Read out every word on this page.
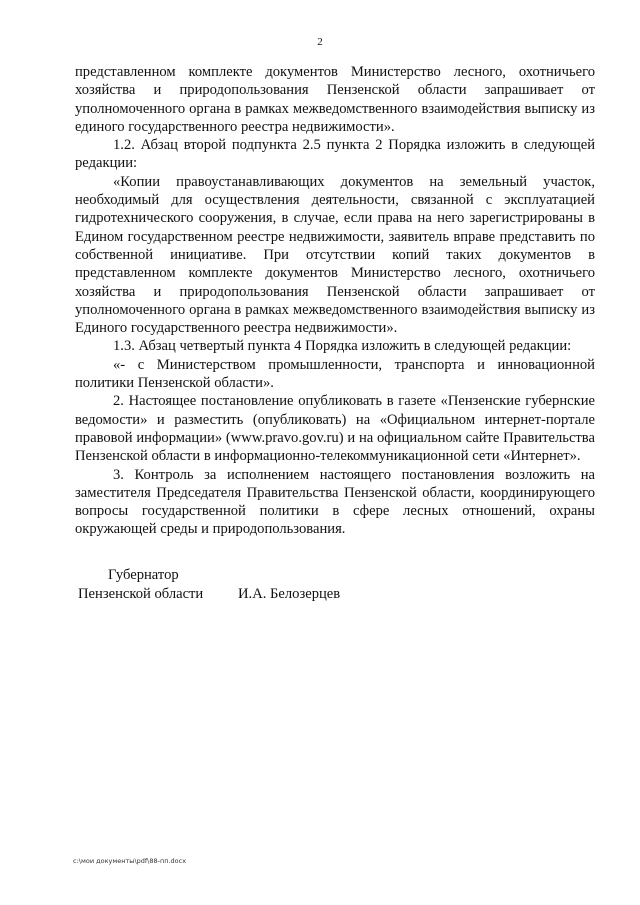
2

представленном комплекте документов Министерство лесного, охотничьего хозяйства и природопользования Пензенской области запрашивает от уполномоченного органа в рамках межведомственного взаимодействия выписку из единого государственного реестра недвижимости».

1.2. Абзац второй подпункта 2.5 пункта 2 Порядка изложить в следующей редакции:

«Копии правоустанавливающих документов на земельный участок, необходимый для осуществления деятельности, связанной с эксплуатацией гидротехнического сооружения, в случае, если права на него зарегистрированы в Едином государственном реестре недвижимости, заявитель вправе представить по собственной инициативе. При отсутствии копий таких документов в представленном комплекте документов Министерство лесного, охотничьего хозяйства и природопользования Пензенской области запрашивает от уполномоченного органа в рамках межведомственного взаимодействия выписку из Единого государственного реестра недвижимости».

1.3. Абзац четвертый пункта 4 Порядка изложить в следующей редакции:

«- с Министерством промышленности, транспорта и инновационной политики Пензенской области».

2. Настоящее постановление опубликовать в газете «Пензенские губернские ведомости» и разместить (опубликовать) на «Официальном интернет-портале правовой информации» (www.pravo.gov.ru) и на официальном сайте Правительства Пензенской области в информационно-телекоммуникационной сети «Интернет».

3. Контроль за исполнением настоящего постановления возложить на заместителя Председателя Правительства Пензенской области, координирующего вопросы государственной политики в сфере лесных отношений, охраны окружающей среды и природопользования.

Губернатор
Пензенской области И.А. Белозерцев
c:\мои документы\pdf\88-пп.docx
